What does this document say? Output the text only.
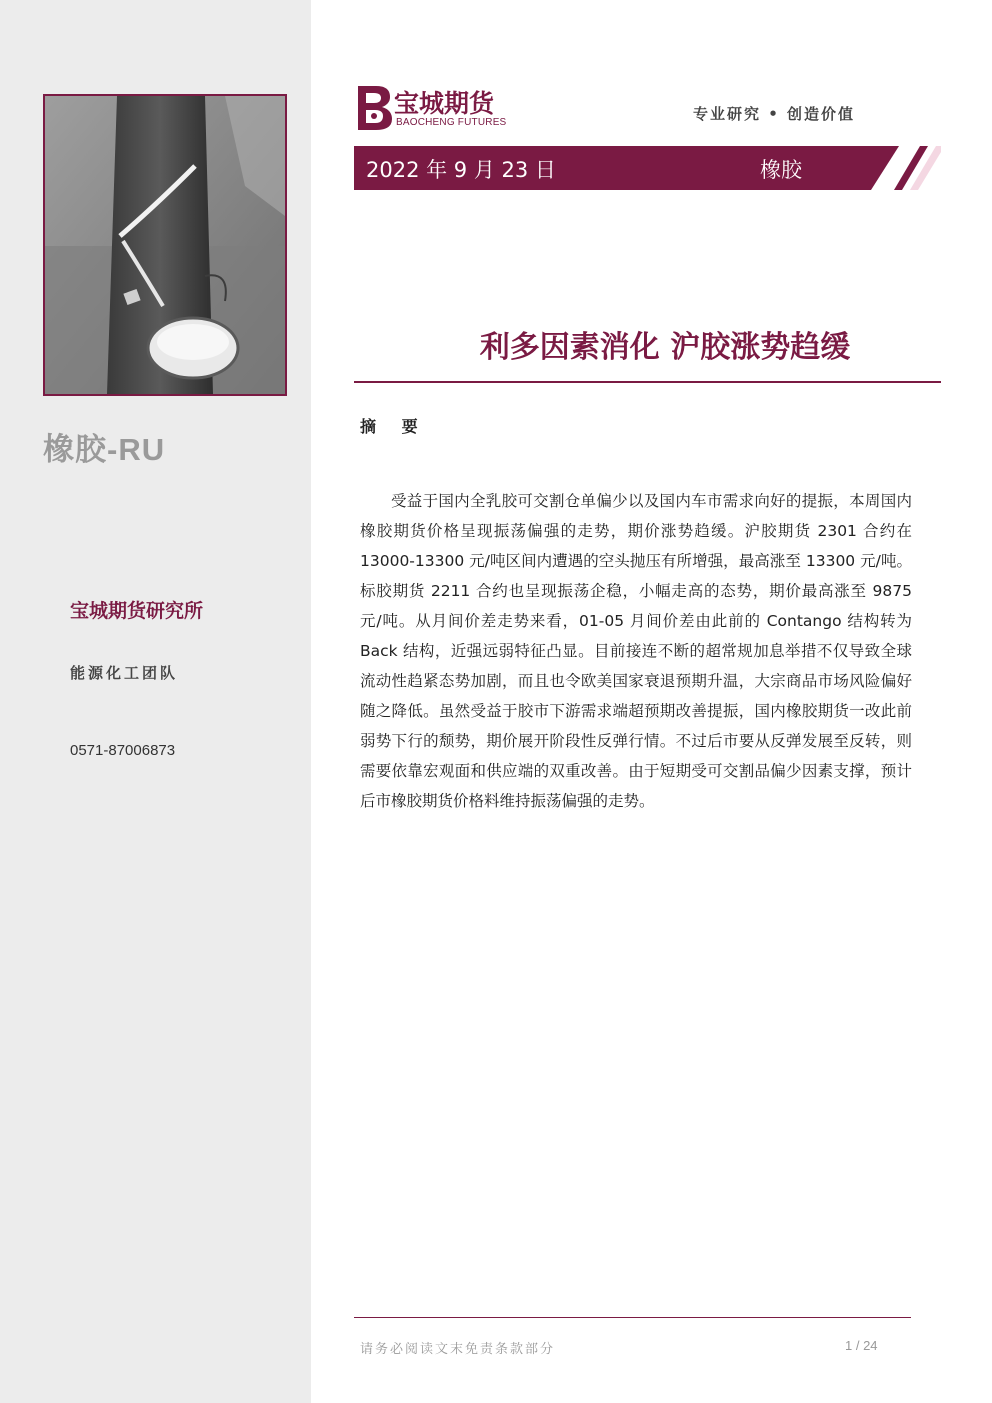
橡胶-RU
宝城期货研究所
能源化工团队
0571-87006873
宝城期货
BAOCHENG FUTURES	专业研究 • 创造价值
2022 年 9 月 23 日	橡胶
利多因素消化 沪胶涨势趋缓
摘 要

受益于国内全乳胶可交割仓单偏少以及国内车市需求向好的提振，本周国内橡胶期货价格呈现振荡偏强的走势，期价涨势趋缓。沪胶期货 2301 合约在 13000-13300 元/吨区间内遭遇的空头抛压有所增强，最高涨至 13300 元/吨。标胶期货 2211 合约也呈现振荡企稳，小幅走高的态势，期价最高涨至 9875 元/吨。从月间价差走势来看，01-05 月间价差由此前的 Contango 结构转为 Back 结构，近强远弱特征凸显。目前接连不断的超常规加息举措不仅导致全球流动性趋紧态势加剧，而且也令欧美国家衰退预期升温，大宗商品市场风险偏好随之降低。虽然受益于胶市下游需求端超预期改善提振，国内橡胶期货一改此前弱势下行的颓势，期价展开阶段性反弹行情。不过后市要从反弹发展至反转，则需要依靠宏观面和供应端的双重改善。由于短期受可交割品偏少因素支撑，预计后市橡胶期货价格料维持振荡偏强的走势。

请务必阅读文末免责条款部分	1 / 24
